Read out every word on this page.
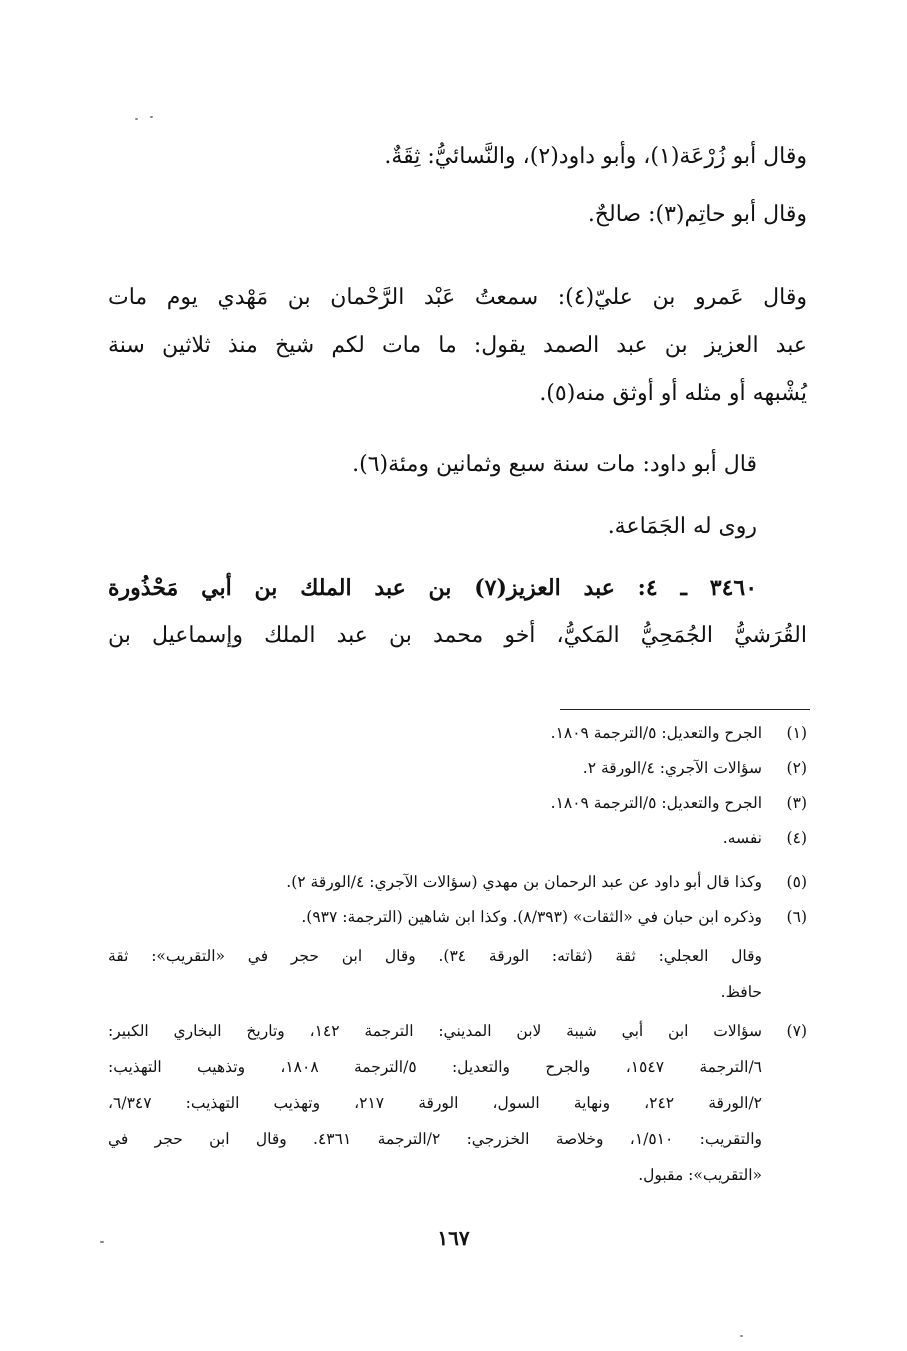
وقال أبو زُرْعَة(١)، وأبو داود(٢)، والنَّسائيُّ: ثِقَةٌ.
وقال أبو حاتِم(٣): صالحٌ.
وقال عَمرو بن عليّ(٤): سمعتُ عَبْد الرَّحْمان بن مَهْدي يوم مات
عبد العزيز بن عبد الصمد يقول: ما مات لكم شيخ منذ ثلاثين سنة
يُشْبهه أو مثله أو أوثق منه(٥).
قال أبو داود: مات سنة سبع وثمانين ومئة(٦).
روى له الجَمَاعة.
٣٤٦٠ ـ ٤: عبد العزيز(٧) بن عبد الملك بن أبي مَحْذُورة
القُرَشيُّ الجُمَحِيُّ المَكيُّ، أخو محمد بن عبد الملك وإسماعيل بن
(١)
الجرح والتعديل: ٥/الترجمة ١٨٠٩.
(٢)
سؤالات الآجري: ٤/الورقة ٢.
(٣)
الجرح والتعديل: ٥/الترجمة ١٨٠٩.
(٤)
نفسه.
(٥)
وكذا قال أبو داود عن عبد الرحمان بن مهدي (سؤالات الآجري: ٤/الورقة ٢).
(٦)
وذكره ابن حبان في «الثقات» (٨/٣٩٣). وكذا ابن شاهين (الترجمة: ٩٣٧).
وقال العجلي: ثقة (ثقاته: الورقة ٣٤). وقال ابن حجر في «التقريب»: ثقة
حافظ.
(٧)
سؤالات ابن أبي شيبة لابن المديني: الترجمة ١٤٢، وتاريخ البخاري الكبير:
٦/الترجمة ١٥٤٧، والجرح والتعديل: ٥/الترجمة ١٨٠٨، وتذهيب التهذيب:
٢/الورقة ٢٤٢، ونهاية السول، الورقة ٢١٧، وتهذيب التهذيب: ٦/٣٤٧،
والتقريب: ١/٥١٠، وخلاصة الخزرجي: ٢/الترجمة ٤٣٦١. وقال ابن حجر في
«التقريب»: مقبول.
١٦٧
